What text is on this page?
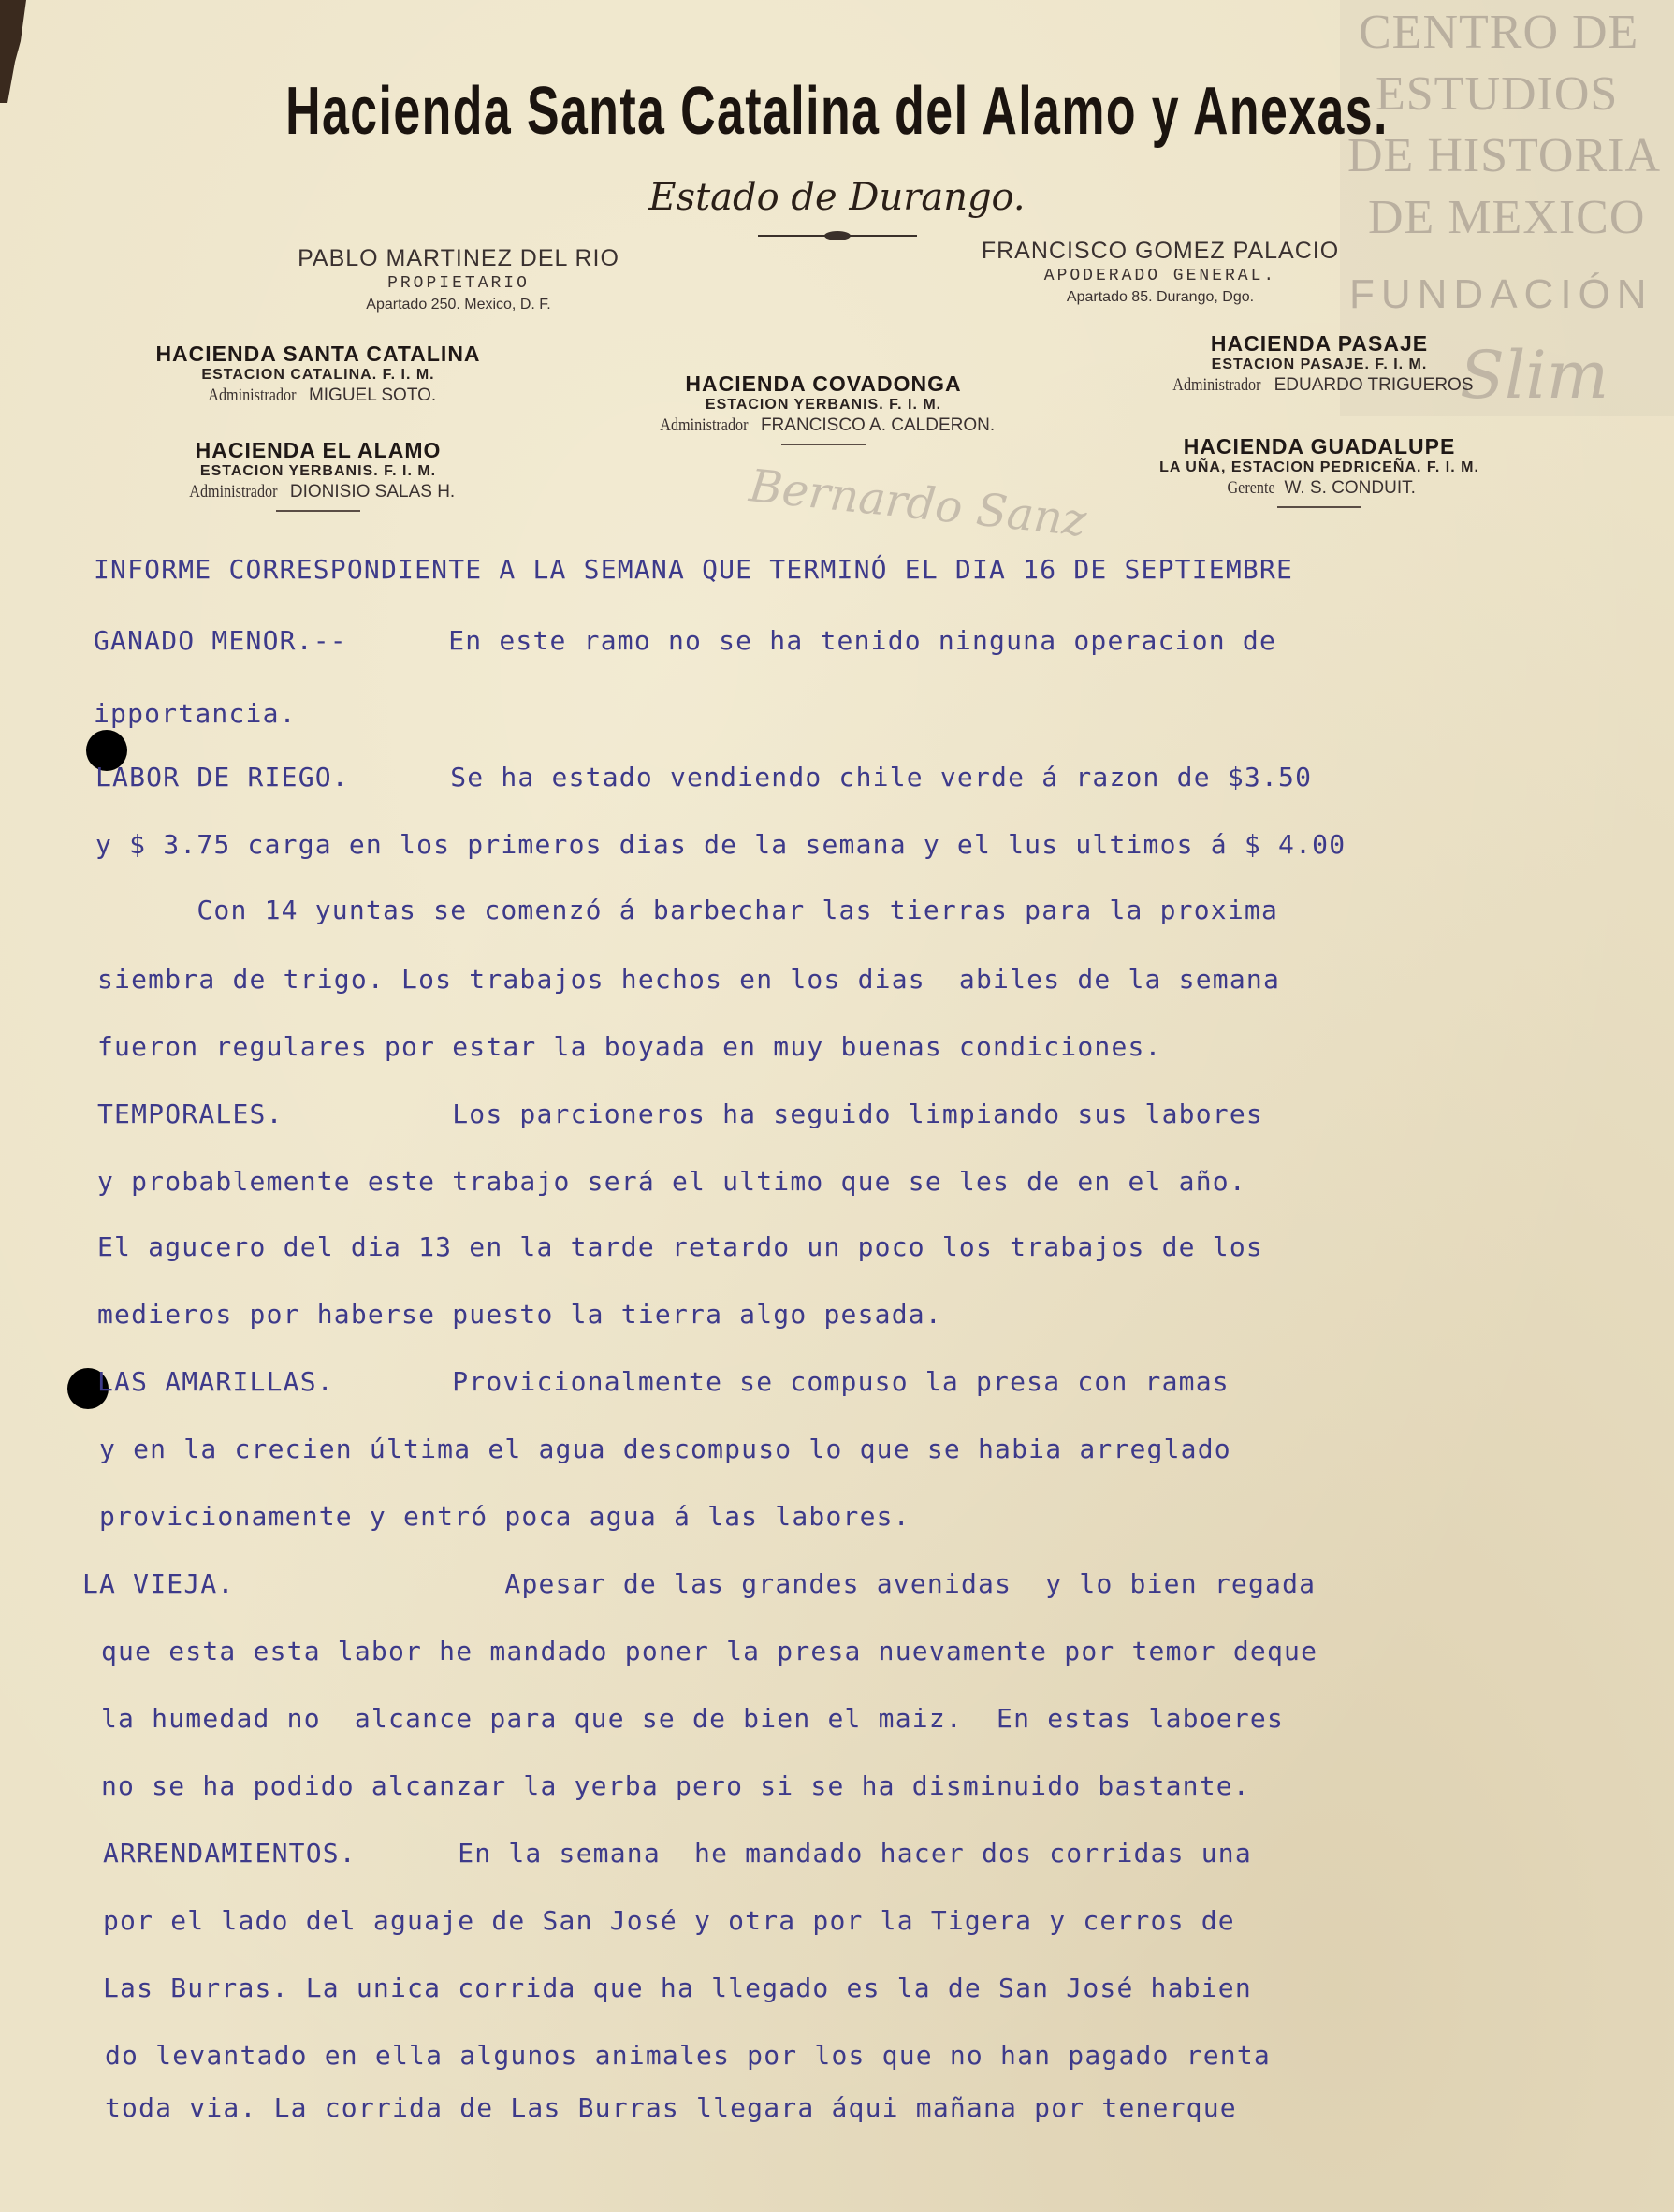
CENTRO DE
ESTUDIOS
DE HISTORIA
DE MEXICO
FUNDACIÓN
Slim
Bernardo Sanz
Hacienda Santa Catalina del Alamo y Anexas.
Estado de Durango.
PABLO MARTINEZ DEL RIO
PROPIETARIO
Apartado 250. Mexico, D. F.
FRANCISCO GOMEZ PALACIO
APODERADO GENERAL.
Apartado 85. Durango, Dgo.
HACIENDA SANTA CATALINA
ESTACION CATALINA. F. I. M.
Administrador MIGUEL SOTO.
HACIENDA EL ALAMO
ESTACION YERBANIS. F. I. M.
Administrador DIONISIO SALAS H.
HACIENDA COVADONGA
ESTACION YERBANIS. F. I. M.
Administrador FRANCISCO A. CALDERON.
HACIENDA PASAJE
ESTACION PASAJE. F. I. M.
Administrador EDUARDO TRIGUEROS
HACIENDA GUADALUPE
LA UÑA, ESTACION PEDRICEÑA. F. I. M.
Gerente W. S. CONDUIT.
INFORME CORRESPONDIENTE A LA SEMANA QUE TERMINÓ EL DIA 16 DE SEPTIEMBRE
GANADO MENOR.--      En este ramo no se ha tenido ninguna operacion de
ipportancia.
LABOR DE RIEGO.      Se ha estado vendiendo chile verde á razon de $3.50
y $ 3.75 carga en los primeros dias de la semana y el lus ultimos á $ 4.00
Con 14 yuntas se comenzó á barbechar las tierras para la proxima
siembra de trigo. Los trabajos hechos en los dias  abiles de la semana
fueron regulares por estar la boyada en muy buenas condiciones.
TEMPORALES.          Los parcioneros ha seguido limpiando sus labores
y probablemente este trabajo será el ultimo que se les de en el año.
El agucero del dia 13 en la tarde retardo un poco los trabajos de los
medieros por haberse puesto la tierra algo pesada.
LAS AMARILLAS.       Provicionalmente se compuso la presa con ramas
y en la crecien última el agua descompuso lo que se habia arreglado
provicionamente y entró poca agua á las labores.
LA VIEJA.                Apesar de las grandes avenidas  y lo bien regada
que esta esta labor he mandado poner la presa nuevamente por temor deque
la humedad no  alcance para que se de bien el maiz.  En estas laboeres
no se ha podido alcanzar la yerba pero si se ha disminuido bastante.
ARRENDAMIENTOS.      En la semana  he mandado hacer dos corridas una
por el lado del aguaje de San José y otra por la Tigera y cerros de
Las Burras. La unica corrida que ha llegado es la de San José habien
do levantado en ella algunos animales por los que no han pagado renta
toda via. La corrida de Las Burras llegara áqui mañana por tenerque
